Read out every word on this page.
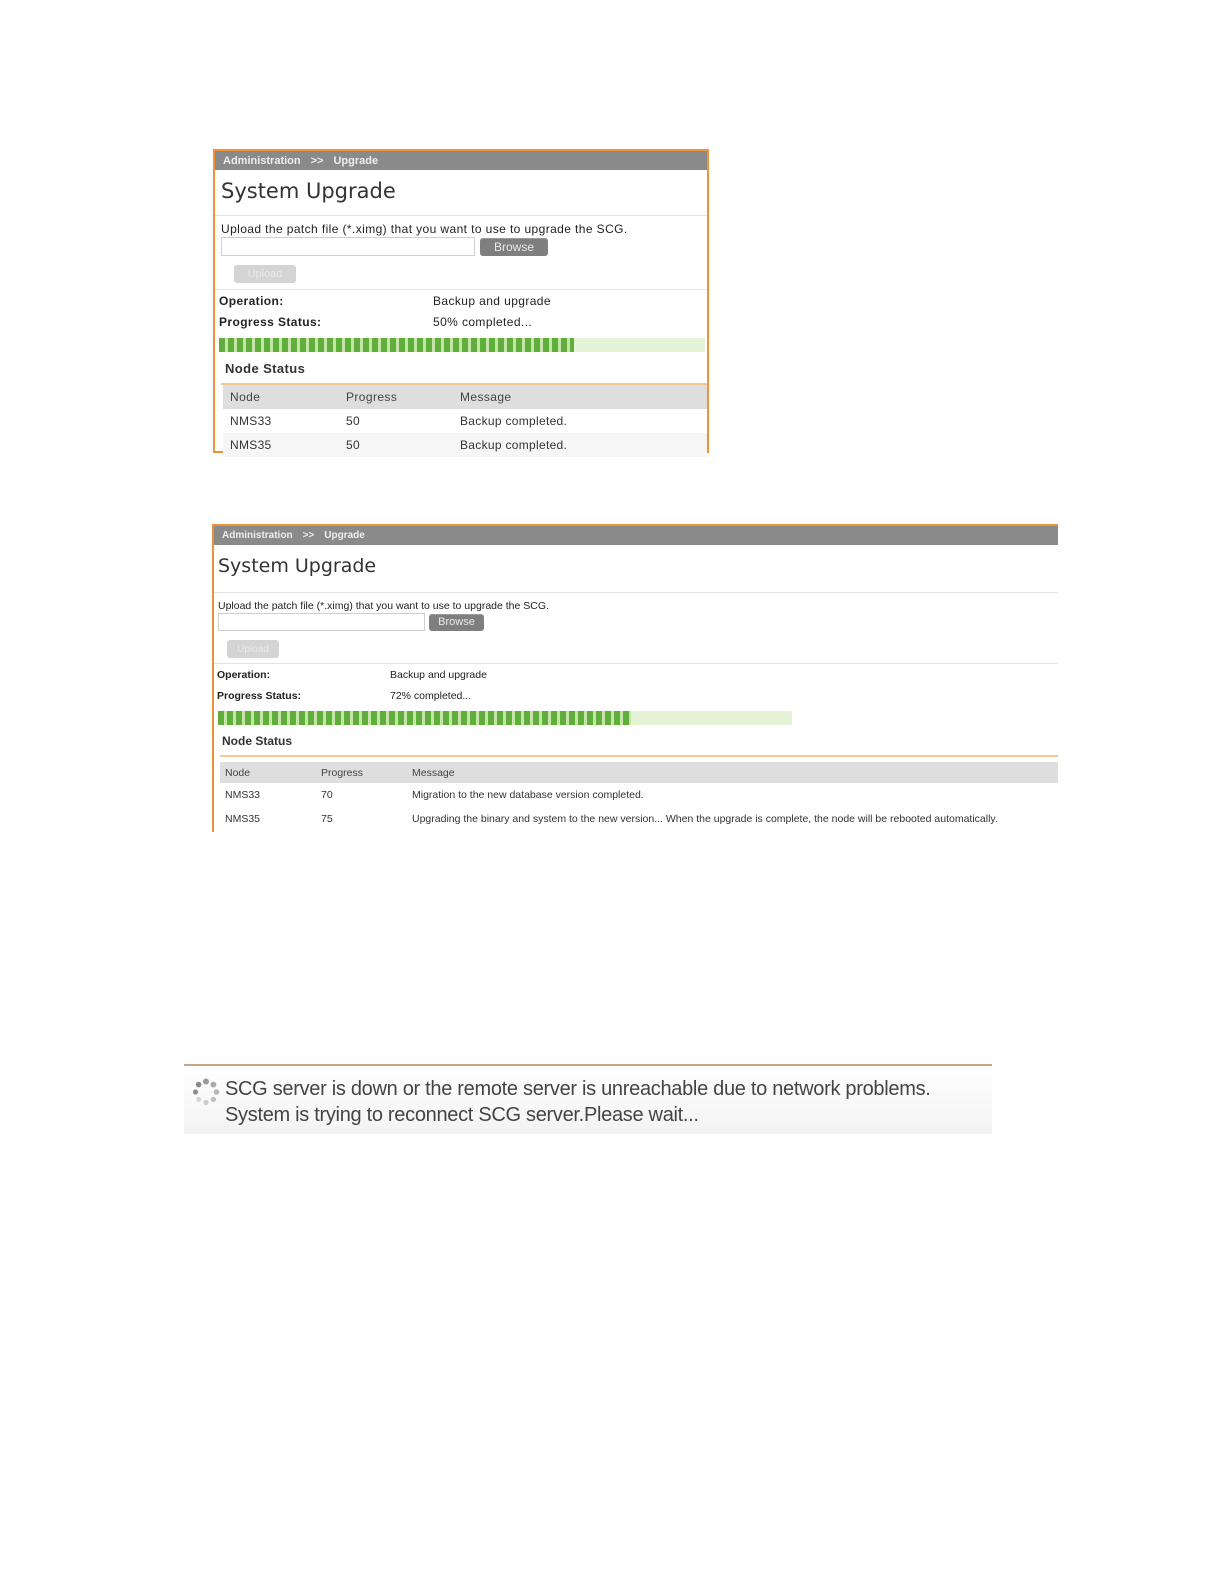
Administration >> Upgrade
System Upgrade
Upload the patch file (*.ximg) that you want to use to upgrade the SCG.
Browse
Upload
Operation:	Backup and upgrade
Progress Status:	50% completed...
Node Status
Node	Progress	Message
NMS33	50	Backup completed.
NMS35	50	Backup completed.
Administration >> Upgrade
System Upgrade
Upload the patch file (*.ximg) that you want to use to upgrade the SCG.
Browse
Upload
Operation:	Backup and upgrade
Progress Status:	72% completed...
Node Status
Node	Progress	Message
NMS33	70	Migration to the new database version completed.
NMS35	75	Upgrading the binary and system to the new version... When the upgrade is complete, the node will be rebooted automatically.
SCG server is down or the remote server is unreachable due to network problems.
System is trying to reconnect SCG server.Please wait...
